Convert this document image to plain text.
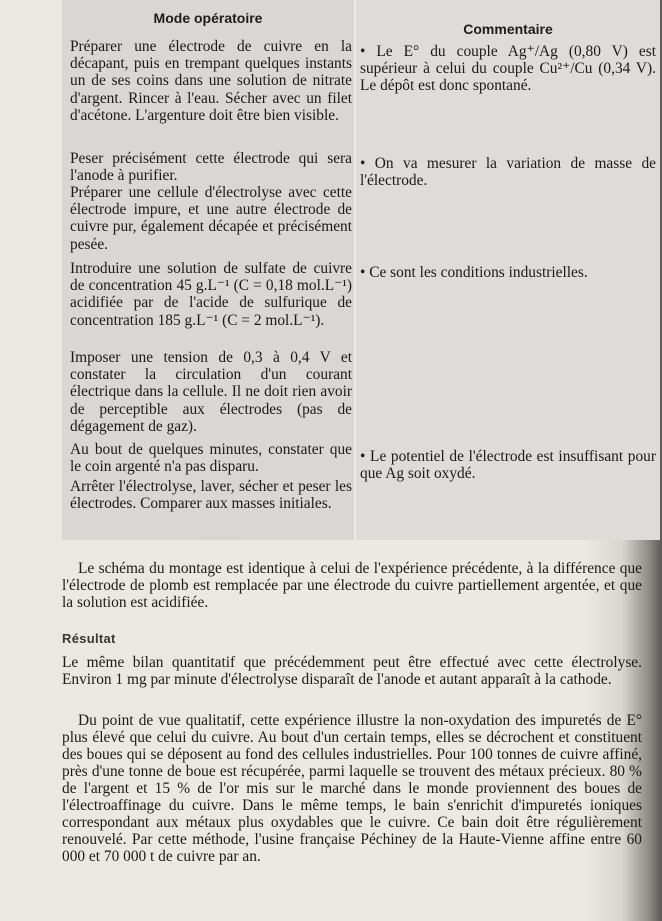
Mode opératoire

Préparer une électrode de cuivre en la décapant, puis en trempant quelques instants un de ses coins dans une solution de nitrate d'argent. Rincer à l'eau. Sécher avec un filet d'acétone. L'argenture doit être bien visible.

Peser précisément cette électrode qui sera l'anode à purifier.

Préparer une cellule d'électrolyse avec cette électrode impure, et une autre électrode de cuivre pur, également décapée et précisément pesée.

Introduire une solution de sulfate de cuivre de concentration 45 g.L⁻¹ (C = 0,18 mol.L⁻¹) acidifiée par de l'acide de sulfurique de concentration 185 g.L⁻¹ (C = 2 mol.L⁻¹).

Imposer une tension de 0,3 à 0,4 V et constater la circulation d'un courant électrique dans la cellule. Il ne doit rien avoir de perceptible aux électrodes (pas de dégagement de gaz).

Au bout de quelques minutes, constater que le coin argenté n'a pas disparu.

Arrêter l'électrolyse, laver, sécher et peser les électrodes. Comparer aux masses initiales.

Commentaire

• Le E° du couple Ag⁺/Ag (0,80 V) est supérieur à celui du couple Cu²⁺/Cu (0,34 V). Le dépôt est donc spontané.

• On va mesurer la variation de masse de l'électrode.

• Ce sont les conditions industrielles.

• Le potentiel de l'électrode est insuffisant pour que Ag soit oxydé.

Le schéma du montage est identique à celui de l'expérience précédente, à la différence que l'électrode de plomb est remplacée par une électrode du cuivre partiellement argentée, et que la solution est acidifiée.

Résultat

Le même bilan quantitatif que précédemment peut être effectué avec cette électrolyse. Environ 1 mg par minute d'électrolyse disparaît de l'anode et autant apparaît à la cathode.

Du point de vue qualitatif, cette expérience illustre la non-oxydation des impuretés de E° plus élevé que celui du cuivre. Au bout d'un certain temps, elles se décrochent et constituent des boues qui se déposent au fond des cellules industrielles. Pour 100 tonnes de cuivre affiné, près d'une tonne de boue est récupérée, parmi laquelle se trouvent des métaux précieux. 80 % de l'argent et 15 % de l'or mis sur le marché dans le monde proviennent des boues de l'électroaffinage du cuivre. Dans le même temps, le bain s'enrichit d'impuretés ioniques correspondant aux métaux plus oxydables que le cuivre. Ce bain doit être régulièrement renouvelé. Par cette méthode, l'usine française Péchiney de la Haute-Vienne affine entre 60 000 et 70 000 t de cuivre par an.
